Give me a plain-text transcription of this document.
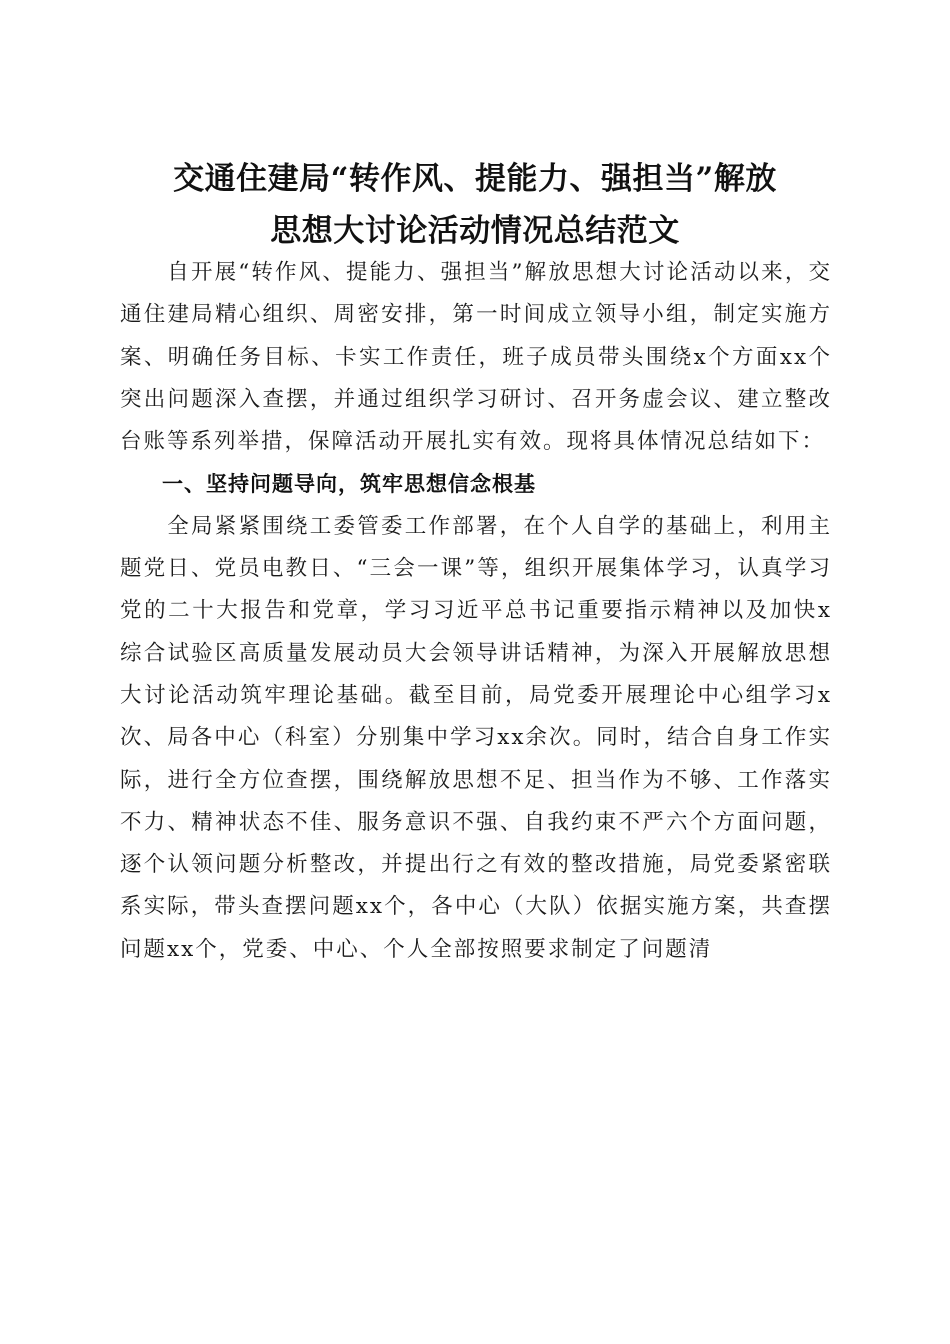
交通住建局“转作风、提能力、强担当”解放
思想大讨论活动情况总结范文

自开展“转作风、提能力、强担当”解放思想大讨论活动以来，交通住建局精心组织、周密安排，第一时间成立领导小组，制定实施方案、明确任务目标、卡实工作责任，班子成员带头围绕x个方面xx个突出问题深入查摆，并通过组织学习研讨、召开务虚会议、建立整改台账等系列举措，保障活动开展扎实有效。现将具体情况总结如下：

一、坚持问题导向，筑牢思想信念根基

全局紧紧围绕工委管委工作部署，在个人自学的基础上，利用主题党日、党员电教日、“三会一课”等，组织开展集体学习，认真学习党的二十大报告和党章，学习习近平总书记重要指示精神以及加快x综合试验区高质量发展动员大会领导讲话精神，为深入开展解放思想大讨论活动筑牢理论基础。截至目前，局党委开展理论中心组学习x次、局各中心（科室）分别集中学习xx余次。同时，结合自身工作实际，进行全方位查摆，围绕解放思想不足、担当作为不够、工作落实不力、精神状态不佳、服务意识不强、自我约束不严六个方面问题，逐个认领问题分析整改，并提出行之有效的整改措施，局党委紧密联系实际，带头查摆问题xx个，各中心（大队）依据实施方案，共查摆问题xx个，党委、中心、个人全部按照要求制定了问题清
